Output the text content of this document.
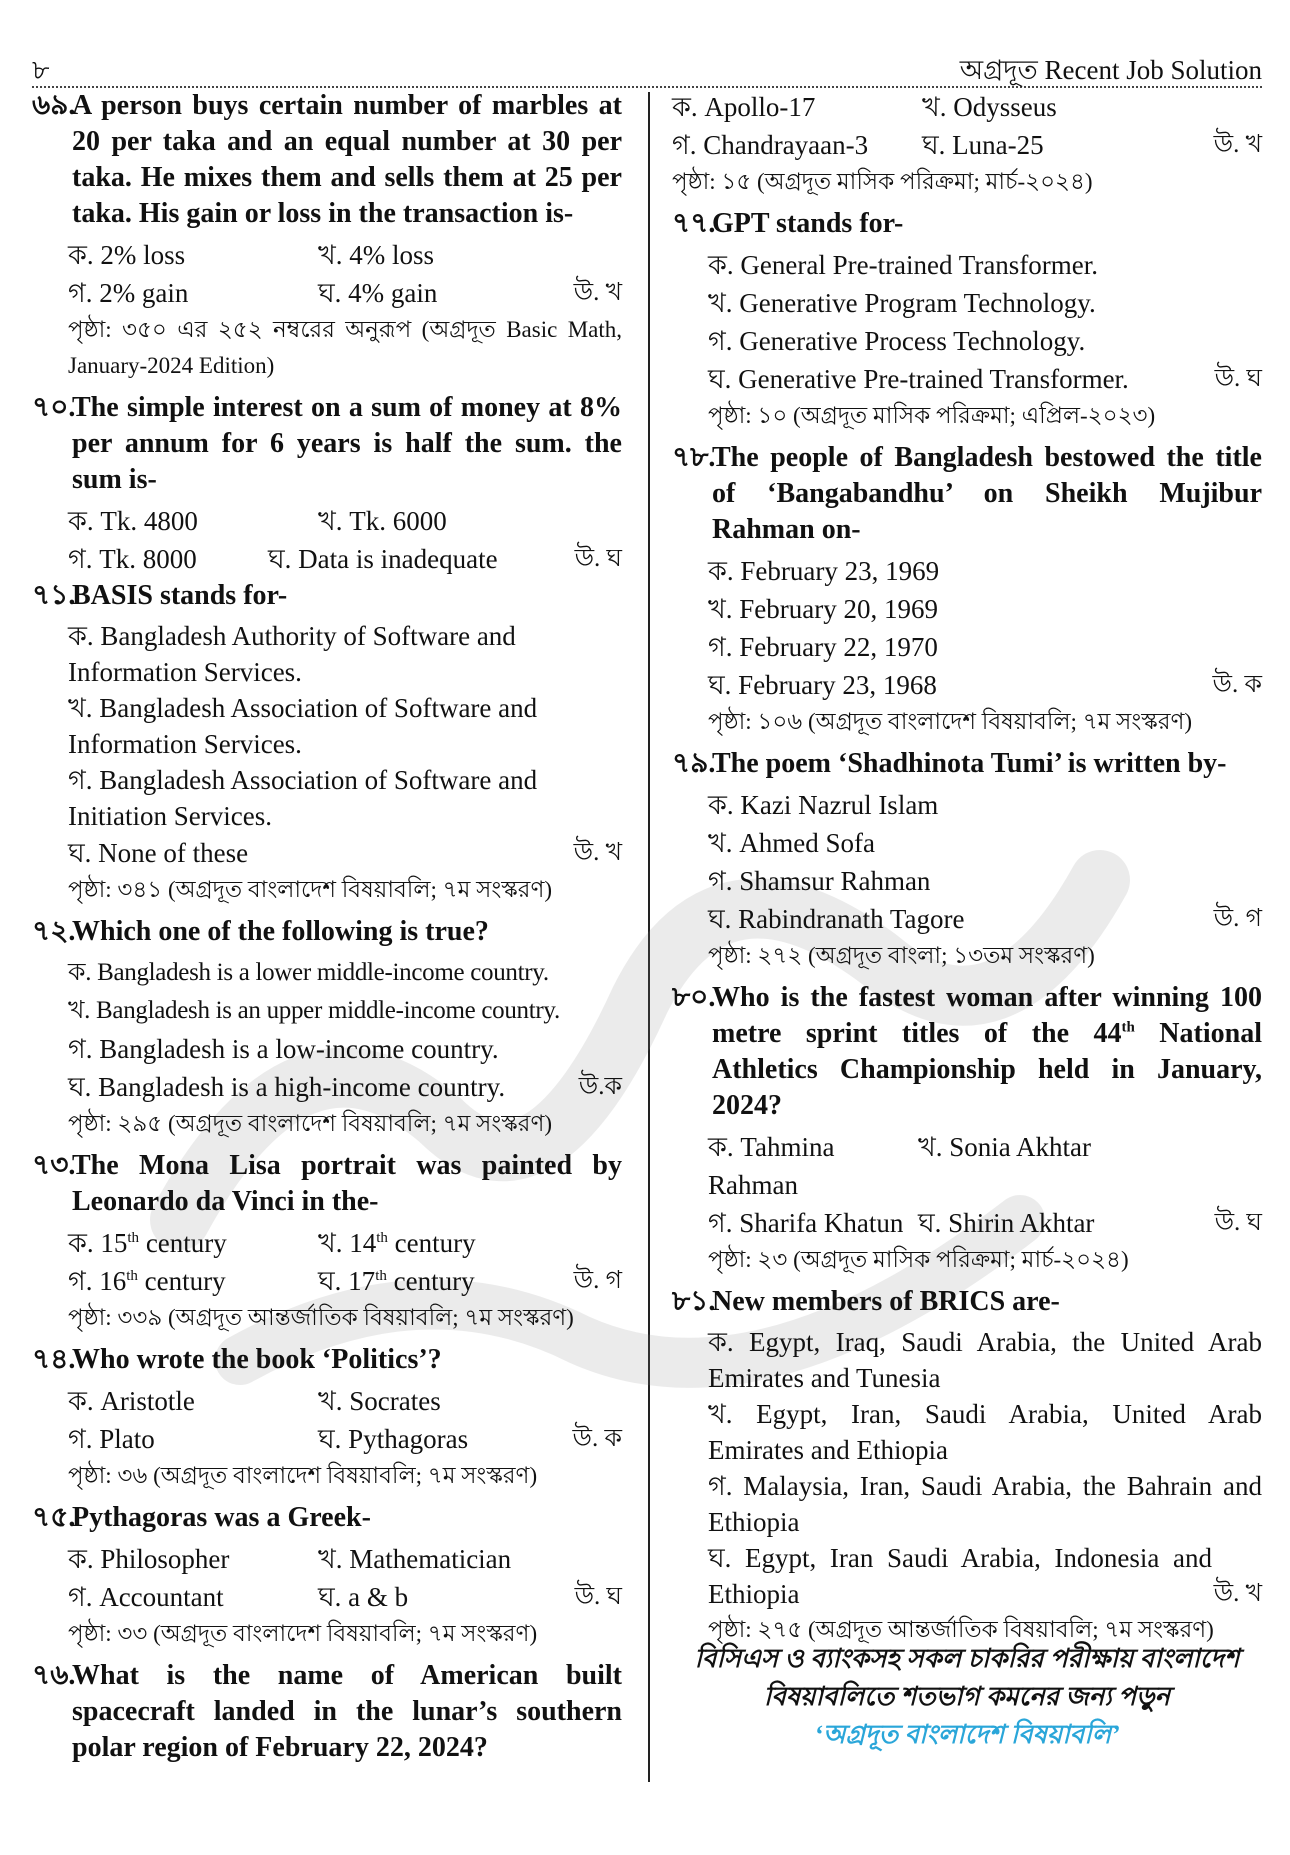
৮	অগ্রদূত Recent Job Solution
৬৯.
A person buys certain number of marbles at 20 per taka and an equal number at 30 per taka. He mixes them and sells them at 25 per taka. His gain or loss in the transaction is-
ক. 2% loss	খ. 4% loss
গ. 2% gain	ঘ. 4% gain	উ. খ
পৃষ্ঠা: ৩৫০ এর ২৫২ নম্বরের অনুরূপ (অগ্রদূত Basic Math, January-2024 Edition)
৭০.
The simple interest on a sum of money at 8% per annum for 6 years is half the sum. the sum is-
ক. Tk. 4800	খ. Tk. 6000
গ. Tk. 8000	ঘ. Data is inadequate	উ. ঘ
৭১.
BASIS stands for-
ক. Bangladesh Authority of Software and Information Services.
খ. Bangladesh Association of Software and Information Services.
গ. Bangladesh Association of Software and Initiation Services.
ঘ. None of these	উ. খ
পৃষ্ঠা: ৩৪১ (অগ্রদূত বাংলাদেশ বিষয়াবলি; ৭ম সংস্করণ)
৭২.
Which one of the following is true?
ক. Bangladesh is a lower middle-income country.
খ. Bangladesh is an upper middle-income country.
গ. Bangladesh is a low-income country.
ঘ. Bangladesh is a high-income country.	উ.ক
পৃষ্ঠা: ২৯৫ (অগ্রদূত বাংলাদেশ বিষয়াবলি; ৭ম সংস্করণ)
৭৩.
The Mona Lisa portrait was painted by Leonardo da Vinci in the-
ক. 15th century	খ. 14th century
গ. 16th century	ঘ. 17th century	উ. গ
পৃষ্ঠা: ৩৩৯ (অগ্রদূত আন্তর্জাতিক বিষয়াবলি; ৭ম সংস্করণ)
৭৪.
Who wrote the book ‘Politics’?
ক. Aristotle	খ. Socrates
গ. Plato	ঘ. Pythagoras	উ. ক
পৃষ্ঠা: ৩৬ (অগ্রদূত বাংলাদেশ বিষয়াবলি; ৭ম সংস্করণ)
৭৫.
Pythagoras was a Greek-
ক. Philosopher	খ. Mathematician
গ. Accountant	ঘ. a & b	উ. ঘ
পৃষ্ঠা: ৩৩ (অগ্রদূত বাংলাদেশ বিষয়াবলি; ৭ম সংস্করণ)
৭৬.
What is the name of American built spacecraft landed in the lunar’s southern polar region of February 22, 2024?
ক. Apollo-17	খ. Odysseus
গ. Chandrayaan-3	ঘ. Luna-25	উ. খ
পৃষ্ঠা: ১৫ (অগ্রদূত মাসিক পরিক্রমা; মার্চ-২০২৪)
৭৭.
GPT stands for-
ক. General Pre-trained Transformer.
খ. Generative Program Technology.
গ. Generative Process Technology.
ঘ. Generative Pre-trained Transformer.	উ. ঘ
পৃষ্ঠা: ১০ (অগ্রদূত মাসিক পরিক্রমা; এপ্রিল-২০২৩)
৭৮.
The people of Bangladesh bestowed the title of ‘Bangabandhu’ on Sheikh Mujibur Rahman on-
ক. February 23, 1969
খ. February 20, 1969
গ. February 22, 1970
ঘ. February 23, 1968	উ. ক
পৃষ্ঠা: ১০৬ (অগ্রদূত বাংলাদেশ বিষয়াবলি; ৭ম সংস্করণ)
৭৯.
The poem ‘Shadhinota Tumi’ is written by-
ক. Kazi Nazrul Islam
খ. Ahmed Sofa
গ. Shamsur Rahman
ঘ. Rabindranath Tagore	উ. গ
পৃষ্ঠা: ২৭২ (অগ্রদূত বাংলা; ১৩তম সংস্করণ)
৮০.
Who is the fastest woman after winning 100 metre sprint titles of the 44th National Athletics Championship held in January, 2024?
ক. Tahmina Rahman
খ. Sonia Akhtar
গ. Sharifa Khatun ঘ. Shirin Akhtar	উ. ঘ
পৃষ্ঠা: ২৩ (অগ্রদূত মাসিক পরিক্রমা; মার্চ-২০২৪)
৮১.
New members of BRICS are-
ক. Egypt, Iraq, Saudi Arabia, the United Arab Emirates and Tunesia
খ. Egypt, Iran, Saudi Arabia, United Arab Emirates and Ethiopia
গ. Malaysia, Iran, Saudi Arabia, the Bahrain and Ethiopia
ঘ. Egypt, Iran Saudi Arabia, Indonesia and Ethiopia	উ. খ
পৃষ্ঠা: ২৭৫ (অগ্রদূত আন্তর্জাতিক বিষয়াবলি; ৭ম সংস্করণ)
বিসিএস ও ব্যাংকসহ সকল চাকরির পরীক্ষায় বাংলাদেশ
বিষয়াবলিতে শতভাগ কমনের জন্য পড়ুন
‘অগ্রদূত বাংলাদেশ বিষয়াবলি’
